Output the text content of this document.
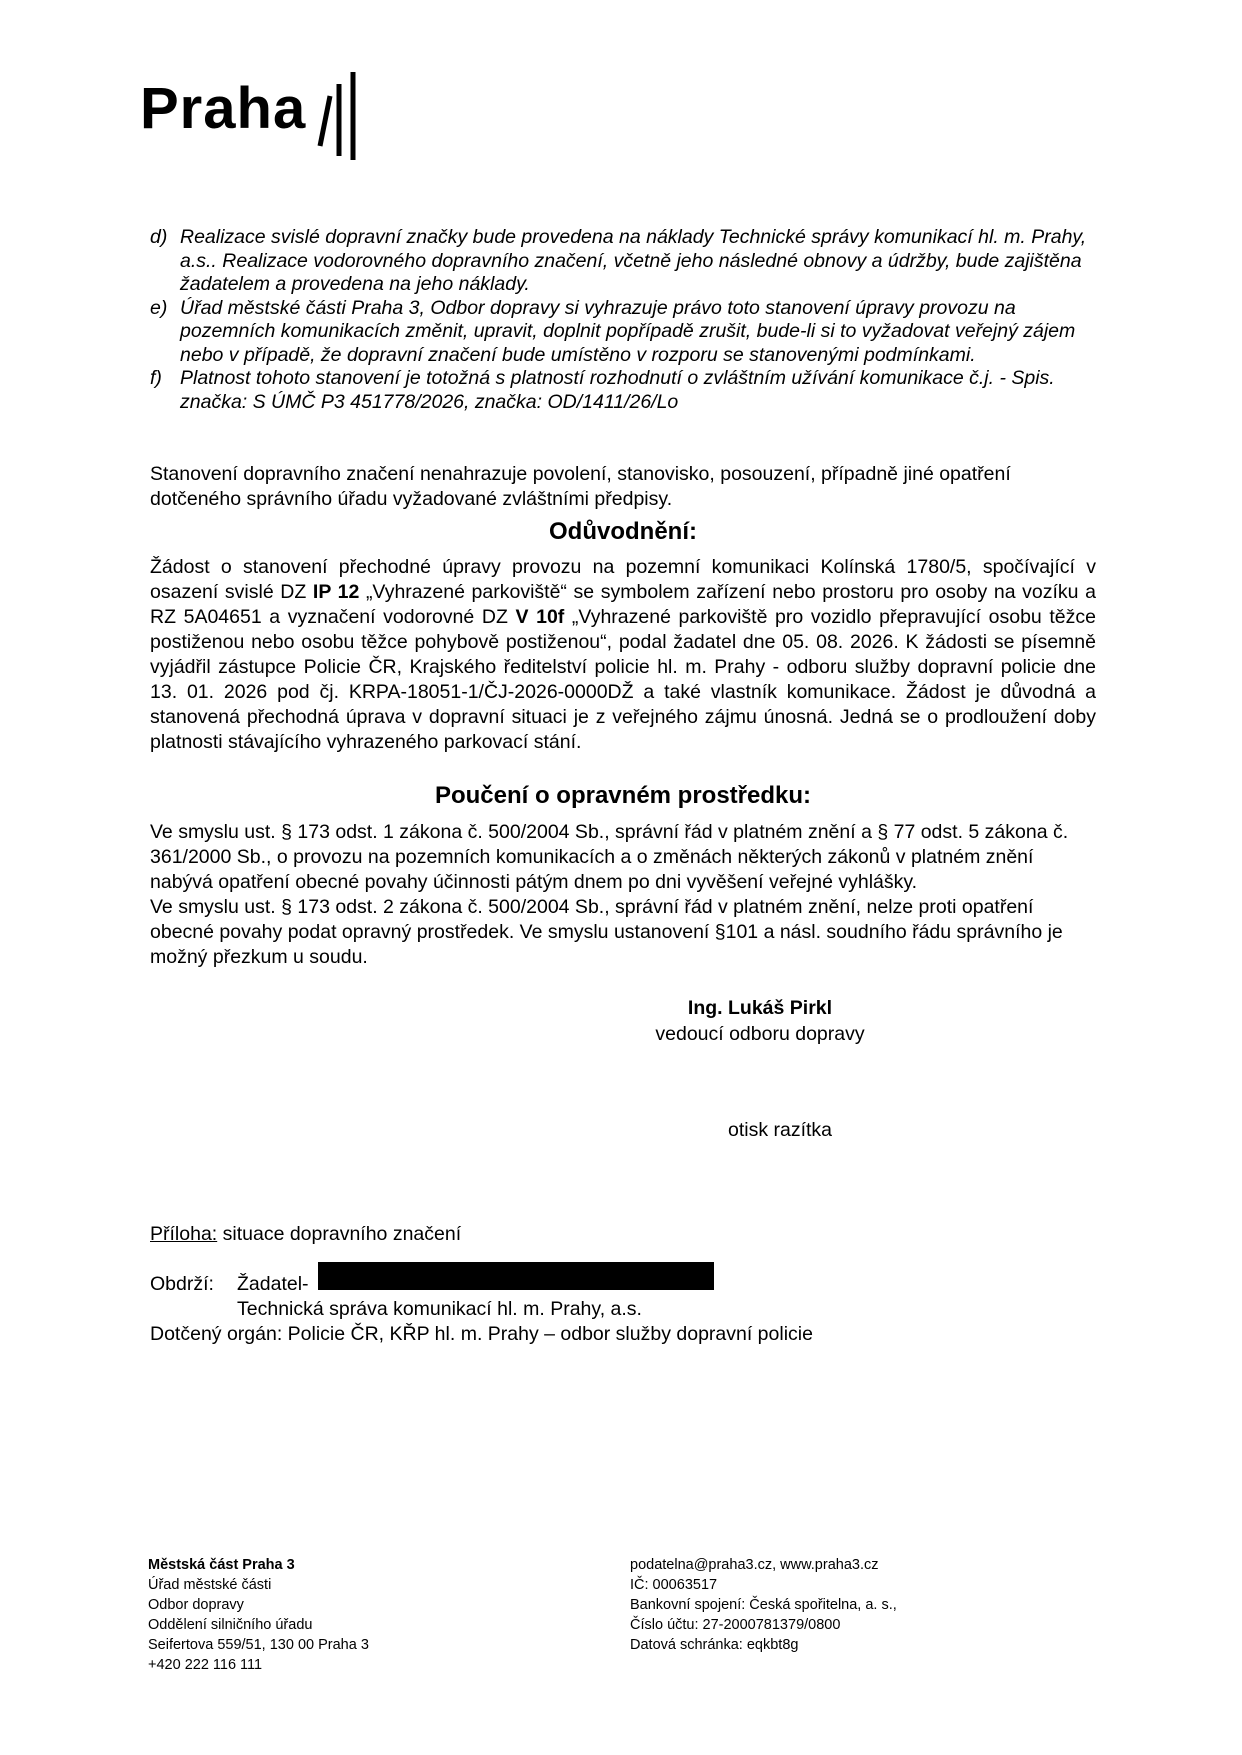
Praha
d) Realizace svislé dopravní značky bude provedena na náklady Technické správy komunikací hl. m. Prahy, a.s.. Realizace vodorovného dopravního značení, včetně jeho následné obnovy a údržby, bude zajištěna žadatelem a provedena na jeho náklady.
e) Úřad městské části Praha 3, Odbor dopravy si vyhrazuje právo toto stanovení úpravy provozu na pozemních komunikacích změnit, upravit, doplnit popřípadě zrušit, bude-li si to vyžadovat veřejný zájem nebo v případě, že dopravní značení bude umístěno v rozporu se stanovenými podmínkami.
f) Platnost tohoto stanovení je totožná s platností rozhodnutí o zvláštním užívání komunikace č.j. - Spis. značka: S ÚMČ P3 451778/2026, značka: OD/1411/26/Lo
Stanovení dopravního značení nenahrazuje povolení, stanovisko, posouzení, případně jiné opatření dotčeného správního úřadu vyžadované zvláštními předpisy.
Odůvodnění:
Žádost o stanovení přechodné úpravy provozu na pozemní komunikaci Kolínská 1780/5, spočívající v osazení svislé DZ IP 12 „Vyhrazené parkoviště“ se symbolem zařízení nebo prostoru pro osoby na vozíku a RZ 5A04651 a vyznačení vodorovné DZ V 10f „Vyhrazené parkoviště pro vozidlo přepravující osobu těžce postiženou nebo osobu těžce pohybově postiženou“, podal žadatel dne 05. 08. 2026. K žádosti se písemně vyjádřil zástupce Policie ČR, Krajského ředitelství policie hl. m. Prahy - odboru služby dopravní policie dne 13. 01. 2026 pod čj. KRPA-18051-1/ČJ-2026-0000DŽ a také vlastník komunikace. Žádost je důvodná a stanovená přechodná úprava v dopravní situaci je z veřejného zájmu únosná. Jedná se o prodloužení doby platnosti stávajícího vyhrazeného parkovací stání.
Poučení o opravném prostředku:
Ve smyslu ust. § 173 odst. 1 zákona č. 500/2004 Sb., správní řád v platném znění a § 77 odst. 5 zákona č. 361/2000 Sb., o provozu na pozemních komunikacích a o změnách některých zákonů v platném znění nabývá opatření obecné povahy účinnosti pátým dnem po dni vyvěšení veřejné vyhlášky.
Ve smyslu ust. § 173 odst. 2 zákona č. 500/2004 Sb., správní řád v platném znění, nelze proti opatření obecné povahy podat opravný prostředek. Ve smyslu ustanovení §101 a násl. soudního řádu správního je možný přezkum u soudu.
Ing. Lukáš Pirkl
vedoucí odboru dopravy
otisk razítka
Příloha: situace dopravního značení
Obdrží:	Žadatel-
Technická správa komunikací hl. m. Prahy, a.s.
Dotčený orgán: Policie ČR, KŘP hl. m. Prahy – odbor služby dopravní policie
Městská část Praha 3
Úřad městské části
Odbor dopravy
Oddělení silničního úřadu
Seifertova 559/51, 130 00 Praha 3
+420 222 116 111
podatelna@praha3.cz, www.praha3.cz
IČ: 00063517
Bankovní spojení: Česká spořitelna, a. s.,
Číslo účtu: 27-2000781379/0800
Datová schránka: eqkbt8g
